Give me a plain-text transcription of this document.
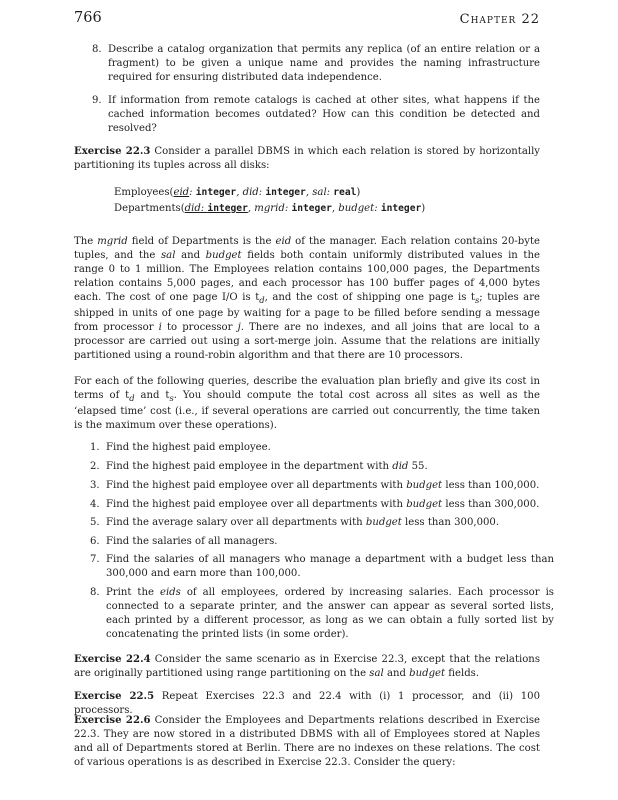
766	Chapter 22
8. Describe a catalog organization that permits any replica (of an entire relation or a fragment) to be given a unique name and provides the naming infrastructure required for ensuring distributed data independence.
9. If information from remote catalogs is cached at other sites, what happens if the cached information becomes outdated? How can this condition be detected and resolved?
Exercise 22.3 Consider a parallel DBMS in which each relation is stored by horizontally partitioning its tuples across all disks:
Employees(eid: integer, did: integer, sal: real)
Departments(did: integer, mgrid: integer, budget: integer)
The mgrid field of Departments is the eid of the manager. Each relation contains 20-byte tuples, and the sal and budget fields both contain uniformly distributed values in the range 0 to 1 million. The Employees relation contains 100,000 pages, the Departments relation contains 5,000 pages, and each processor has 100 buffer pages of 4,000 bytes each. The cost of one page I/O is $t_d$, and the cost of shipping one page is $t_s$; tuples are shipped in units of one page by waiting for a page to be filled before sending a message from processor i to processor j. There are no indexes, and all joins that are local to a processor are carried out using a sort-merge join. Assume that the relations are initially partitioned using a round-robin algorithm and that there are 10 processors.
For each of the following queries, describe the evaluation plan briefly and give its cost in terms of $t_d$ and $t_s$. You should compute the total cost across all sites as well as the ‘elapsed time’ cost (i.e., if several operations are carried out concurrently, the time taken is the maximum over these operations).
1. Find the highest paid employee.
2. Find the highest paid employee in the department with did 55.
3. Find the highest paid employee over all departments with budget less than 100,000.
4. Find the highest paid employee over all departments with budget less than 300,000.
5. Find the average salary over all departments with budget less than 300,000.
6. Find the salaries of all managers.
7. Find the salaries of all managers who manage a department with a budget less than 300,000 and earn more than 100,000.
8. Print the eids of all employees, ordered by increasing salaries. Each processor is connected to a separate printer, and the answer can appear as several sorted lists, each printed by a different processor, as long as we can obtain a fully sorted list by concatenating the printed lists (in some order).
Exercise 22.4 Consider the same scenario as in Exercise 22.3, except that the relations are originally partitioned using range partitioning on the sal and budget fields.
Exercise 22.5 Repeat Exercises 22.3 and 22.4 with (i) 1 processor, and (ii) 100 processors.
Exercise 22.6 Consider the Employees and Departments relations described in Exercise 22.3. They are now stored in a distributed DBMS with all of Employees stored at Naples and all of Departments stored at Berlin. There are no indexes on these relations. The cost of various operations is as described in Exercise 22.3. Consider the query:
